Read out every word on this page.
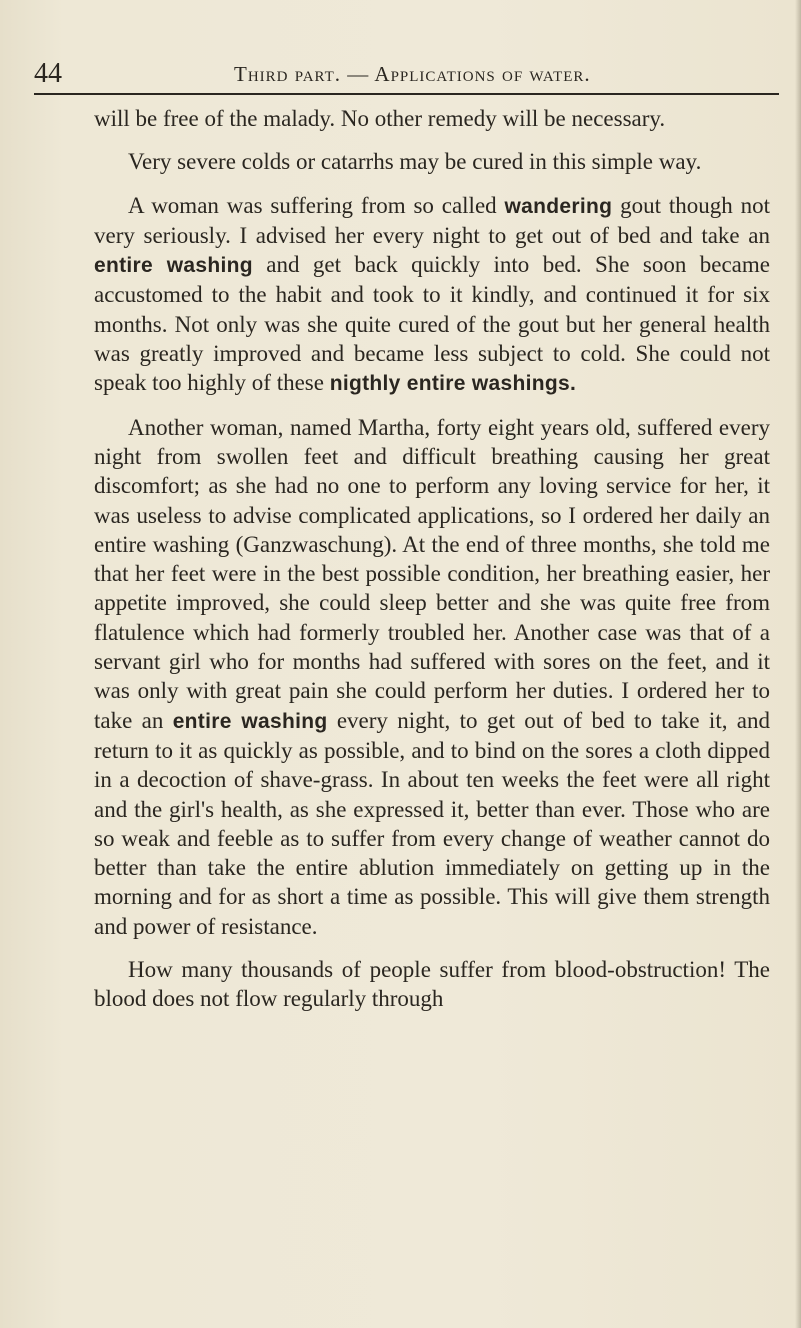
44	Third part. — Applications of water.

will be free of the malady. No other remedy will be necessary.

Very severe colds or catarrhs may be cured in this simple way.

A woman was suffering from so called wandering gout though not very seriously. I advised her every night to get out of bed and take an entire washing and get back quickly into bed. She soon became accustomed to the habit and took to it kindly, and continued it for six months. Not only was she quite cured of the gout but her general health was greatly improved and became less subject to cold. She could not speak too highly of these nigthly entire washings.

Another woman, named Martha, forty eight years old, suffered every night from swollen feet and difficult breathing causing her great discomfort; as she had no one to perform any loving service for her, it was useless to advise complicated applications, so I ordered her daily an entire washing (Ganzwaschung). At the end of three months, she told me that her feet were in the best possible condition, her breathing easier, her appetite improved, she could sleep better and she was quite free from flatulence which had formerly troubled her. Another case was that of a servant girl who for months had suffered with sores on the feet, and it was only with great pain she could perform her duties. I ordered her to take an entire washing every night, to get out of bed to take it, and return to it as quickly as possible, and to bind on the sores a cloth dipped in a decoction of shave-grass. In about ten weeks the feet were all right and the girl's health, as she expressed it, better than ever. Those who are so weak and feeble as to suffer from every change of weather cannot do better than take the entire ablution immediately on getting up in the morning and for as short a time as possible. This will give them strength and power of resistance.

How many thousands of people suffer from blood-obstruction! The blood does not flow regularly through
